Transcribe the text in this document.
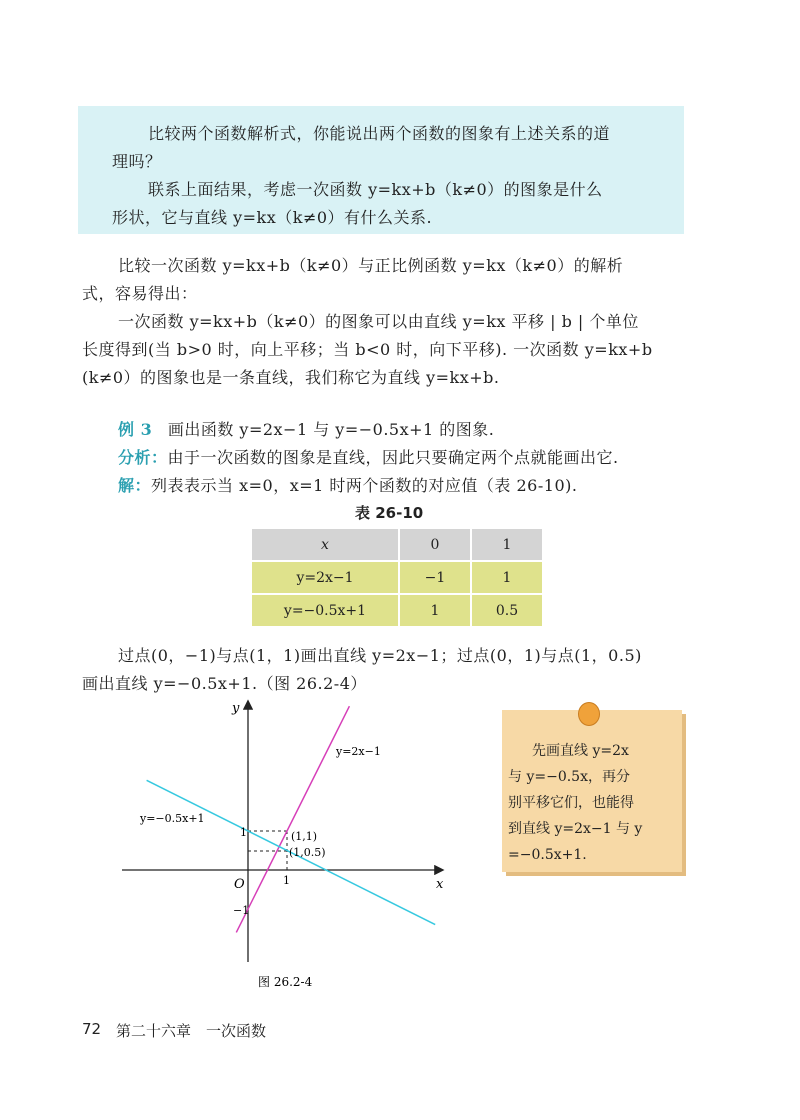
比较两个函数解析式，你能说出两个函数的图象有上述关系的道
理吗？
联系上面结果，考虑一次函数 y=kx+b（k≠0）的图象是什么
形状，它与直线 y=kx（k≠0）有什么关系.
比较一次函数 y=kx+b（k≠0）与正比例函数 y=kx（k≠0）的解析
式，容易得出：
一次函数 y=kx+b（k≠0）的图象可以由直线 y=kx 平移 | b | 个单位
长度得到(当 b>0 时，向上平移；当 b<0 时，向下平移). 一次函数 y=kx+b
(k≠0）的图象也是一条直线，我们称它为直线 y=kx+b.
例 3 画出函数 y=2x−1 与 y=−0.5x+1 的图象.
分析：由于一次函数的图象是直线，因此只要确定两个点就能画出它.
解：列表表示当 x=0，x=1 时两个函数的对应值（表 26-10).
表 26-10
x	0	1
y=2x−1	−1	1
y=−0.5x+1	1	0.5
过点(0，−1)与点(1，1)画出直线 y=2x−1；过点(0，1)与点(1，0.5)
画出直线 y=−0.5x+1.（图 26.2-4）
y
x
O
1
−1
1
y=2x−1
y=−0.5x+1
(1,1)
(1,0.5)
图 26.2-4
先画直线 y=2x
与 y=−0.5x，再分
别平移它们，也能得
到直线 y=2x−1 与 y
=−0.5x+1.
72 第二十六章　一次函数
